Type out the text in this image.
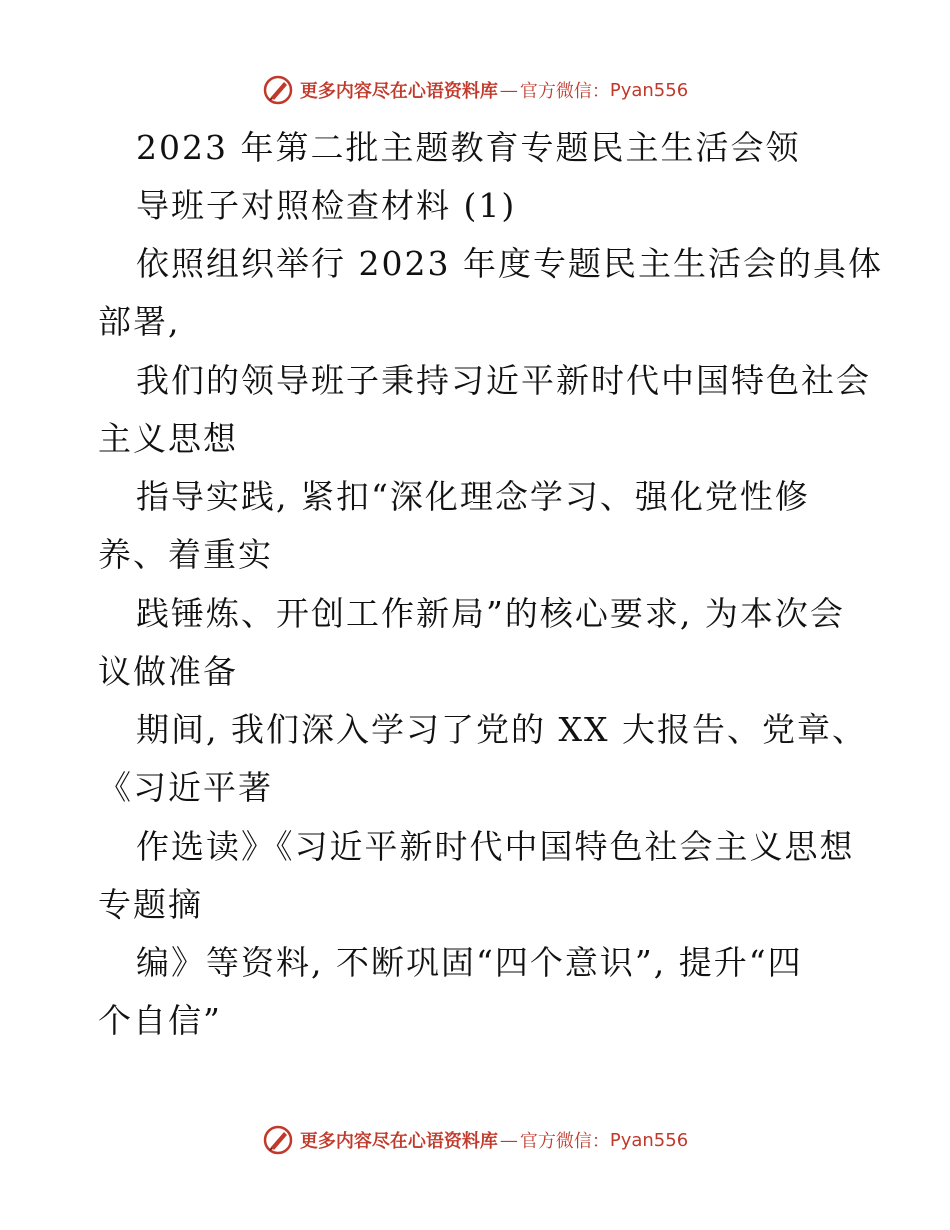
更多内容尽在心语资料库 — 官方微信： Pyan556
2023 年第二批主题教育专题民主生活会领
导班子对照检查材料 (1)
依照组织举行 2023 年度专题民主生活会的具体
部署,
我们的领导班子秉持习近平新时代中国特色社会
主义思想
指导实践, 紧扣“深化理念学习、强化党性修
养、着重实
践锤炼、开创工作新局”的核心要求, 为本次会
议做准备
期间, 我们深入学习了党的 XX 大报告、党章、
《习近平著
作选读》《习近平新时代中国特色社会主义思想
专题摘
编》等资料, 不断巩固“四个意识”, 提升“四
个自信”
更多内容尽在心语资料库 — 官方微信： Pyan556
